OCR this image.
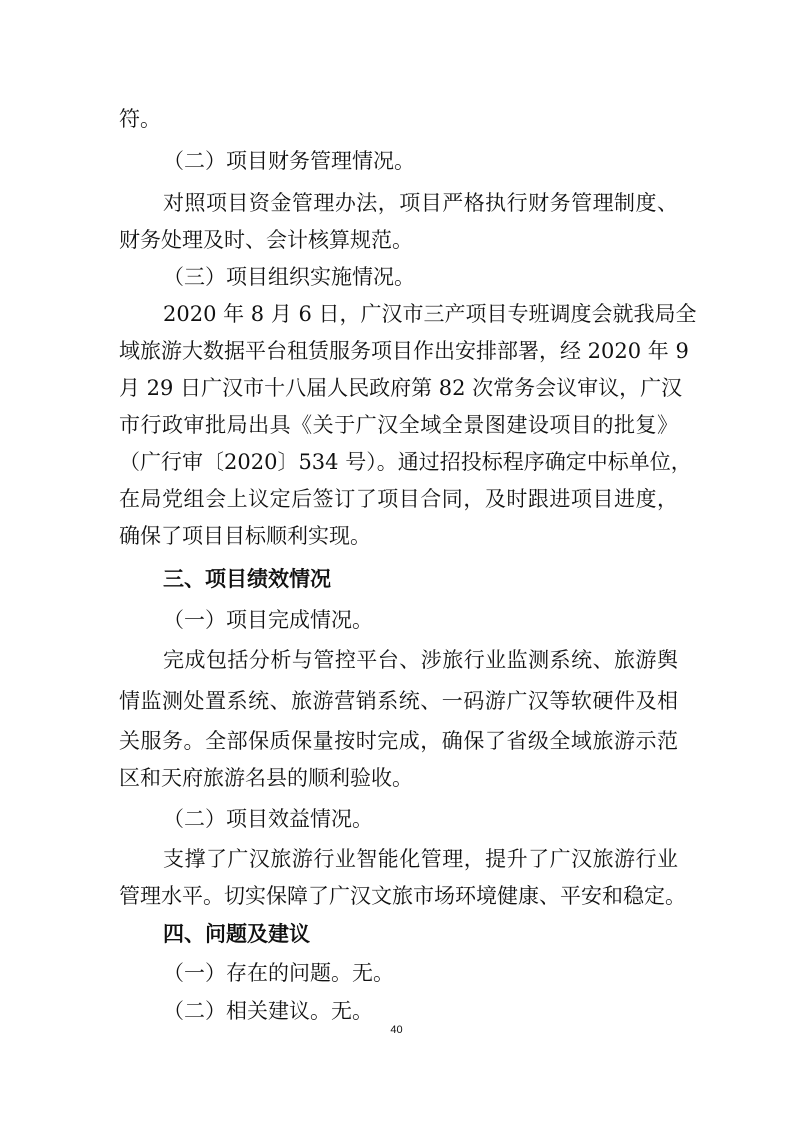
符。
（二）项目财务管理情况。
对照项目资金管理办法，项目严格执行财务管理制度、
财务处理及时、会计核算规范。
（三）项目组织实施情况。
2020 年 8 月 6 日，广汉市三产项目专班调度会就我局全
域旅游大数据平台租赁服务项目作出安排部署，经 2020 年 9
月 29 日广汉市十八届人民政府第 82 次常务会议审议，广汉
市行政审批局出具《关于广汉全域全景图建设项目的批复》
（广行审〔2020〕534 号）。通过招投标程序确定中标单位，
在局党组会上议定后签订了项目合同，及时跟进项目进度，
确保了项目目标顺利实现。
三、项目绩效情况
（一）项目完成情况。
完成包括分析与管控平台、涉旅行业监测系统、旅游舆
情监测处置系统、旅游营销系统、一码游广汉等软硬件及相
关服务。全部保质保量按时完成，确保了省级全域旅游示范
区和天府旅游名县的顺利验收。
（二）项目效益情况。
支撑了广汉旅游行业智能化管理，提升了广汉旅游行业
管理水平。切实保障了广汉文旅市场环境健康、平安和稳定。
四、问题及建议
（一）存在的问题。无。
（二）相关建议。无。
40
